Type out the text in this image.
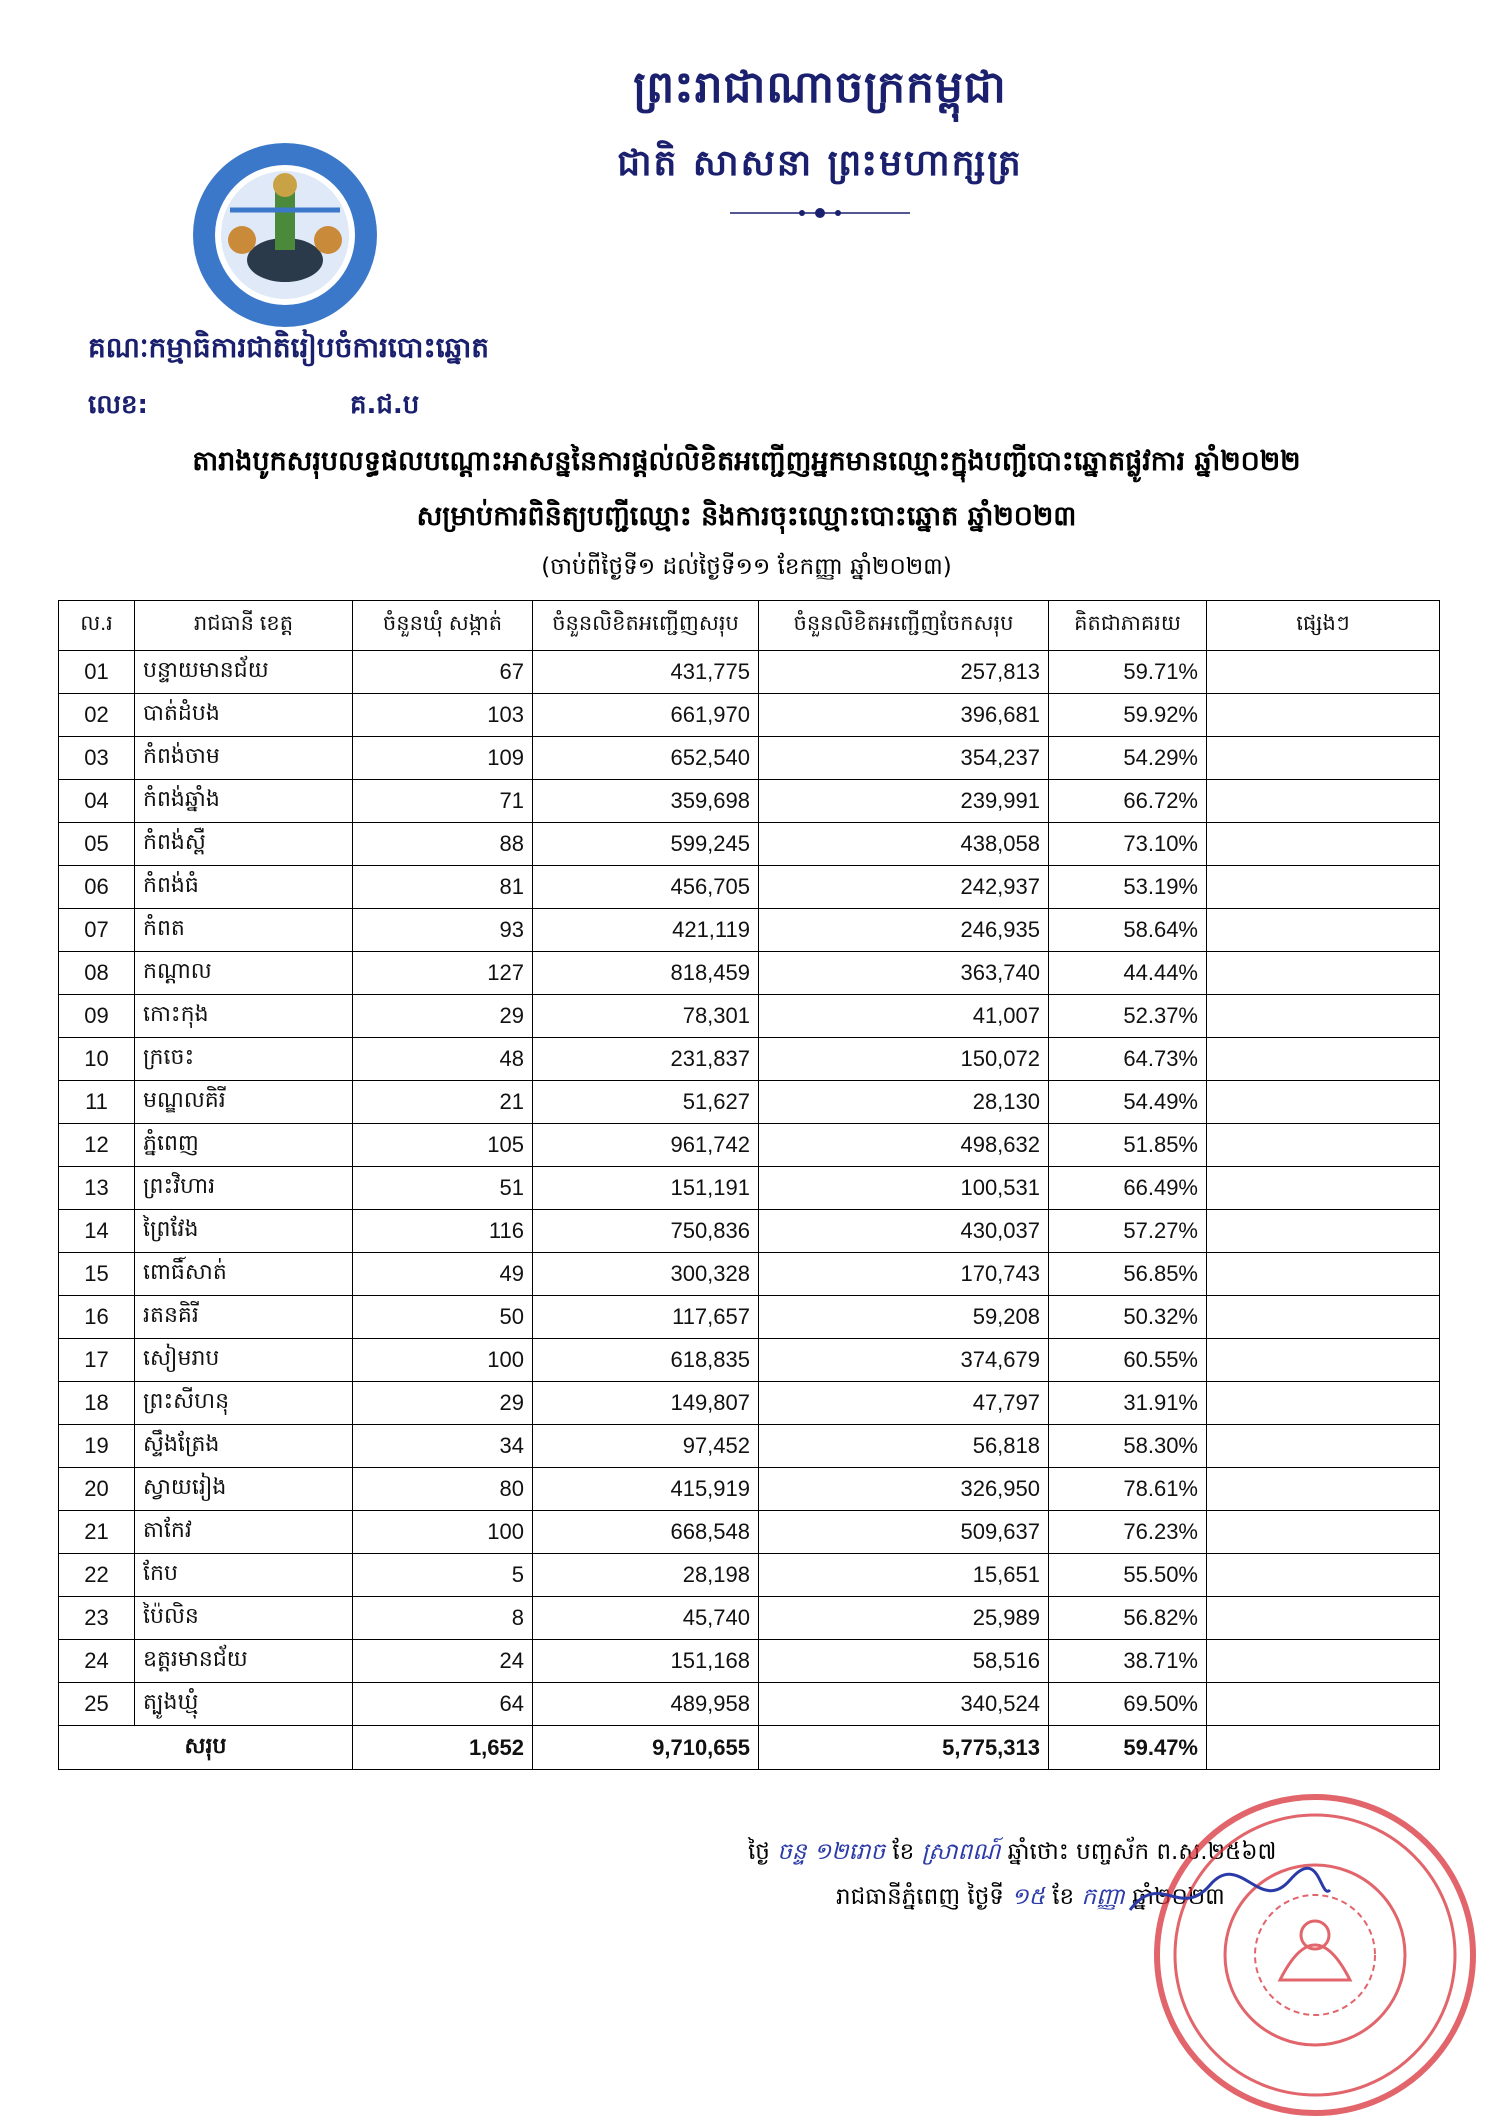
ព្រះរាជាណាចក្រកម្ពុជា
ជាតិ សាសនា ព្រះមហាក្សត្រ
គណៈកម្មាធិការជាតិរៀបចំការបោះឆ្នោត
លេខ:	គ.ជ.ប
តារាងបូកសរុបលទ្ធផលបណ្ដោះអាសន្ននៃការផ្ដល់លិខិតអញ្ជើញអ្នកមានឈ្មោះក្នុងបញ្ជីបោះឆ្នោតផ្លូវការ ឆ្នាំ២០២២
សម្រាប់ការពិនិត្យបញ្ជីឈ្មោះ និងការចុះឈ្មោះបោះឆ្នោត ឆ្នាំ២០២៣
(ចាប់ពីថ្ងៃទី១ ដល់ថ្ងៃទី១១ ខែកញ្ញា ឆ្នាំ២០២៣)
ល.រ	រាជធានី ខេត្ត	ចំនួនឃុំ សង្កាត់	ចំនួនលិខិតអញ្ជើញសរុប	ចំនួនលិខិតអញ្ជើញចែកសរុប	គិតជាភាគរយ	ផ្សេងៗ
01	បន្ទាយមានជ័យ	67	431,775	257,813	59.71%	
02	បាត់ដំបង	103	661,970	396,681	59.92%	
03	កំពង់ចាម	109	652,540	354,237	54.29%	
04	កំពង់ឆ្នាំង	71	359,698	239,991	66.72%	
05	កំពង់ស្ពឺ	88	599,245	438,058	73.10%	
06	កំពង់ធំ	81	456,705	242,937	53.19%	
07	កំពត	93	421,119	246,935	58.64%	
08	កណ្ដាល	127	818,459	363,740	44.44%	
09	កោះកុង	29	78,301	41,007	52.37%	
10	ក្រចេះ	48	231,837	150,072	64.73%	
11	មណ្ឌលគិរី	21	51,627	28,130	54.49%	
12	ភ្នំពេញ	105	961,742	498,632	51.85%	
13	ព្រះវិហារ	51	151,191	100,531	66.49%	
14	ព្រៃវែង	116	750,836	430,037	57.27%	
15	ពោធិ៍សាត់	49	300,328	170,743	56.85%	
16	រតនគិរី	50	117,657	59,208	50.32%	
17	សៀមរាប	100	618,835	374,679	60.55%	
18	ព្រះសីហនុ	29	149,807	47,797	31.91%	
19	ស្ទឹងត្រែង	34	97,452	56,818	58.30%	
20	ស្វាយរៀង	80	415,919	326,950	78.61%	
21	តាកែវ	100	668,548	509,637	76.23%	
22	កែប	5	28,198	15,651	55.50%	
23	ប៉ៃលិន	8	45,740	25,989	56.82%	
24	ឧត្ដរមានជ័យ	24	151,168	58,516	38.71%	
25	ត្បូងឃ្មុំ	64	489,958	340,524	69.50%	
សរុប		1,652	9,710,655	5,775,313	59.47%	
ថ្ងៃ ចន្ទ ១២រោច ខែ ស្រាពណ៍ ឆ្នាំថោះ បញ្ចស័ក ព.ស.២៥៦៧
រាជធានីភ្នំពេញ ថ្ងៃទី ១៥ ខែ កញ្ញា ឆ្នាំ២០២៣
